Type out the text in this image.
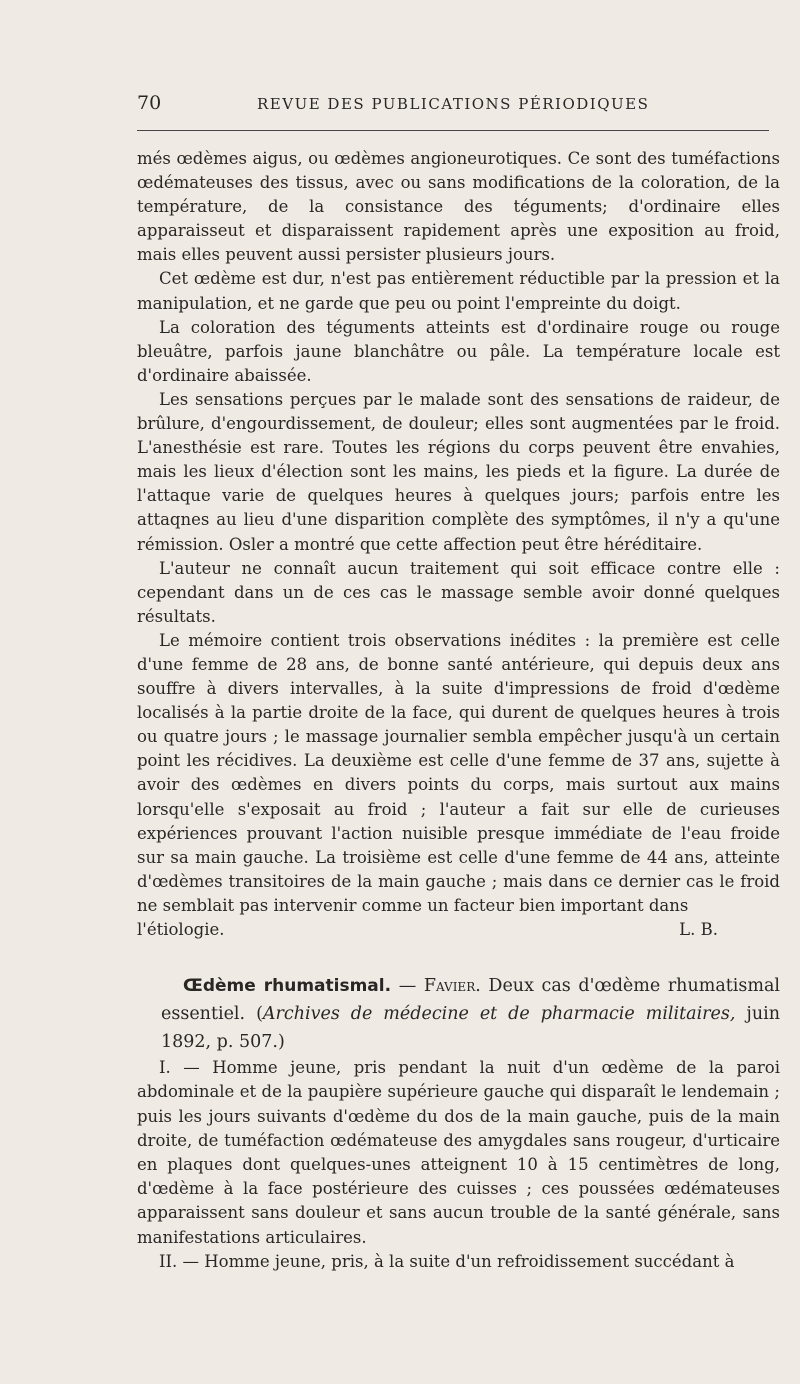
70	REVUE DES PUBLICATIONS PÉRIODIQUES

més œdèmes aigus, ou œdèmes angioneurotiques. Ce sont des tuméfactions œdémateuses des tissus, avec ou sans modifications de la coloration, de la température, de la consistance des téguments; d'ordinaire elles apparaisseut et disparaissent rapidement après une exposition au froid, mais elles peuvent aussi persister plusieurs jours.

Cet œdème est dur, n'est pas entièrement réductible par la pression et la manipulation, et ne garde que peu ou point l'empreinte du doigt.

La coloration des téguments atteints est d'ordinaire rouge ou rouge bleuâtre, parfois jaune blanchâtre ou pâle. La température locale est d'ordinaire abaissée.

Les sensations perçues par le malade sont des sensations de raideur, de brûlure, d'engourdissement, de douleur; elles sont augmentées par le froid. L'anesthésie est rare. Toutes les régions du corps peuvent être envahies, mais les lieux d'élection sont les mains, les pieds et la figure. La durée de l'attaque varie de quelques heures à quelques jours; parfois entre les attaqnes au lieu d'une disparition complète des symptômes, il n'y a qu'une rémission. Osler a montré que cette affection peut être héréditaire.

L'auteur ne connaît aucun traitement qui soit efficace contre elle : cependant dans un de ces cas le massage semble avoir donné quelques résultats.

Le mémoire contient trois observations inédites : la première est celle d'une femme de 28 ans, de bonne santé antérieure, qui depuis deux ans souffre à divers intervalles, à la suite d'impressions de froid d'œdème localisés à la partie droite de la face, qui durent de quelques heures à trois ou quatre jours ; le massage journalier sembla empêcher jusqu'à un certain point les récidives. La deuxième est celle d'une femme de 37 ans, sujette à avoir des œdèmes en divers points du corps, mais surtout aux mains lorsqu'elle s'exposait au froid ; l'auteur a fait sur elle de curieuses expériences prouvant l'action nuisible presque immédiate de l'eau froide sur sa main gauche. La troisième est celle d'une femme de 44 ans, atteinte d'œdèmes transitoires de la main gauche ; mais dans ce dernier cas le froid ne semblait pas intervenir comme un facteur bien important dans

l'étiologie.	L. B.

Œdème rhumatismal. — Favier. Deux cas d'œdème rhumatismal essentiel. (Archives de médecine et de pharmacie militaires, juin 1892, p. 507.)

I. — Homme jeune, pris pendant la nuit d'un œdème de la paroi abdominale et de la paupière supérieure gauche qui disparaît le lendemain ; puis les jours suivants d'œdème du dos de la main gauche, puis de la main droite, de tuméfaction œdémateuse des amygdales sans rougeur, d'urticaire en plaques dont quelques-unes atteignent 10 à 15 centimètres de long, d'œdème à la face postérieure des cuisses ; ces poussées œdémateuses apparaissent sans douleur et sans aucun trouble de la santé générale, sans manifestations articulaires.

II. — Homme jeune, pris, à la suite d'un refroidissement succédant à
